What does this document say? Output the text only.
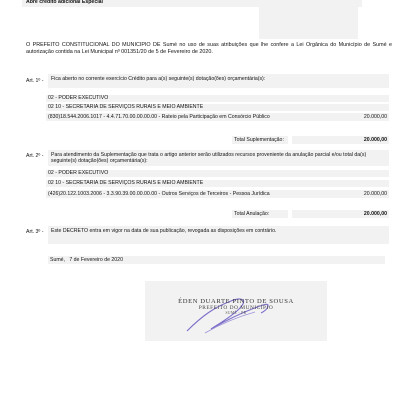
Abre crédito adicional Especial
O PREFEITO CONSTITUCIONAL DO MUNICIPIO DE Sumé no uso de suas atribuições que lhe confere a Lei Orgânica do Município de Sumé e autorização contida na Lei Municipal nº 001351/20 de 5 de Fevereiro de 2020.
Art. 1º - Fica aberto no corrente exercício Crédito para a(s) seguinte(s) dotação(ões) orçamentária(s):
02 - PODER EXECUTIVO
02 10 - SECRETARIA DE SERVIÇOS RURAIS E MEIO AMBIENTE
(830)18.544.2006.1017 - 4.4.71.70.00.00.00.00 - Rateio pela Participação em Consórcio Público	20.000,00
Total Suplementação:	20.000,00
Art. 2º - Para atendimento da Suplementação que trata o artigo anterior serão utilizados recursos proveniente da anulação parcial e/ou total da(s) seguinte(s) dotação(ões) orçamentária(s):
02 - PODER EXECUTIVO
02 10 - SECRETARIA DE SERVIÇOS RURAIS E MEIO AMBIENTE
(426)20.122.1003.2006 - 3.3.90.39.00.00.00.00 - Outros Serviços de Terceiros - Pessoa Jurídica	20.000,00
Total Anulação:	20.000,00
Art. 3º - Este DECRETO entra em vigor na data de sua publicação, revogada as disposições em contrário.
Sumé,   7 de Fevereiro de 2020
ÉDEN DUARTE PINTO DE SOUSA
PREFEITO DO MUNICÍPIO
SUMÉ - PB
